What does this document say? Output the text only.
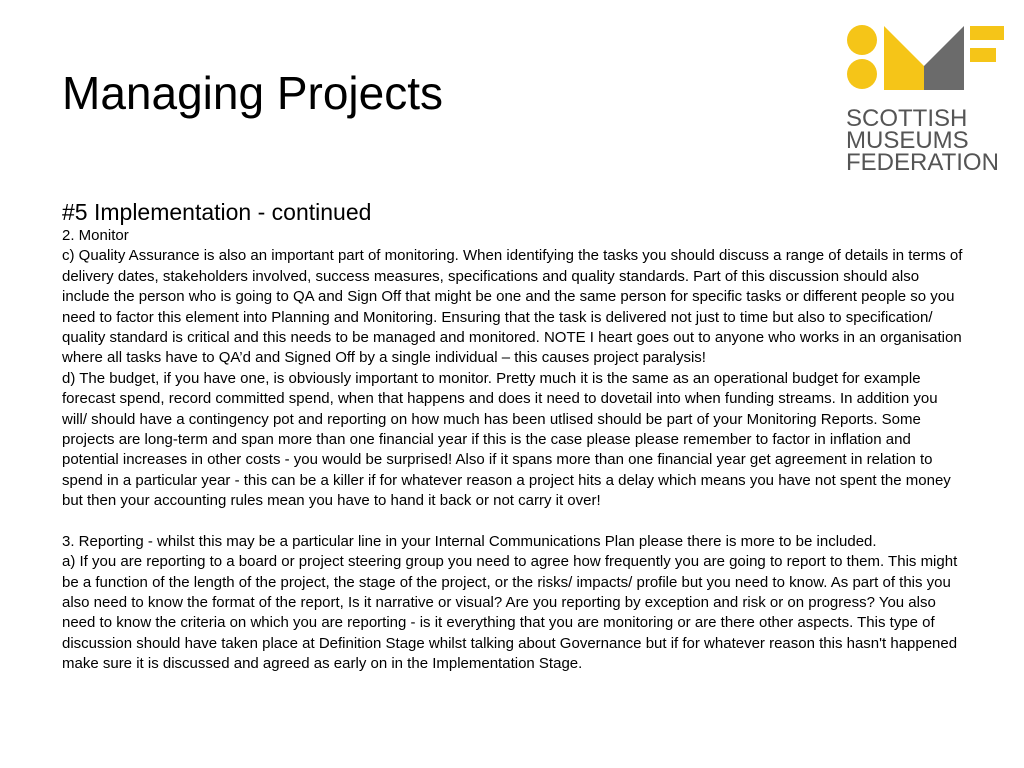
Managing Projects	SCOTTISH
MUSEUMS
FEDERATION
#5 Implementation - continued

2. Monitor

c) Quality Assurance is also an important part of monitoring. When identifying the tasks you should discuss a range of details in terms of delivery dates, stakeholders involved, success measures, specifications and quality standards. Part of this discussion should also include the person who is going to QA and Sign Off that might be one and the same person for specific tasks or different people so you need to factor this element into Planning and Monitoring. Ensuring that the task is delivered not just to time but also to specification/ quality standard is critical and this needs to be managed and monitored. NOTE I heart goes out to anyone who works in an organisation where all tasks have to QA’d and Signed Off by a single individual – this causes project paralysis!

d) The budget, if you have one, is obviously important to monitor. Pretty much it is the same as an operational budget for example forecast spend, record committed spend, when that happens and does it need to dovetail into when funding streams. In addition you will/ should have a contingency pot and reporting on how much has been utlised should be part of your Monitoring Reports. Some projects are long-term and span more than one financial year if this is the case please please remember to factor in inflation and potential increases in other costs - you would be surprised! Also if it spans more than one financial year get agreement in relation to spend in a particular year - this can be a killer if for whatever reason a project hits a delay which means you have not spent the money but then your accounting rules mean you have to hand it back or not carry it over!

3. Reporting - whilst this may be a particular line in your Internal Communications Plan please there is more to be included.

a) If you are reporting to a board or project steering group you need to agree how frequently you are going to report to them. This might be a function of the length of the project, the stage of the project, or the risks/ impacts/ profile but you need to know. As part of this you also need to know the format of the report, Is it narrative or visual? Are you reporting by exception and risk or on progress? You also need to know the criteria on which you are reporting - is it everything that you are monitoring or are there other aspects. This type of discussion should have taken place at Definition Stage whilst talking about Governance but if for whatever reason this hasn't happened make sure it is discussed and agreed as early on in the Implementation Stage.
